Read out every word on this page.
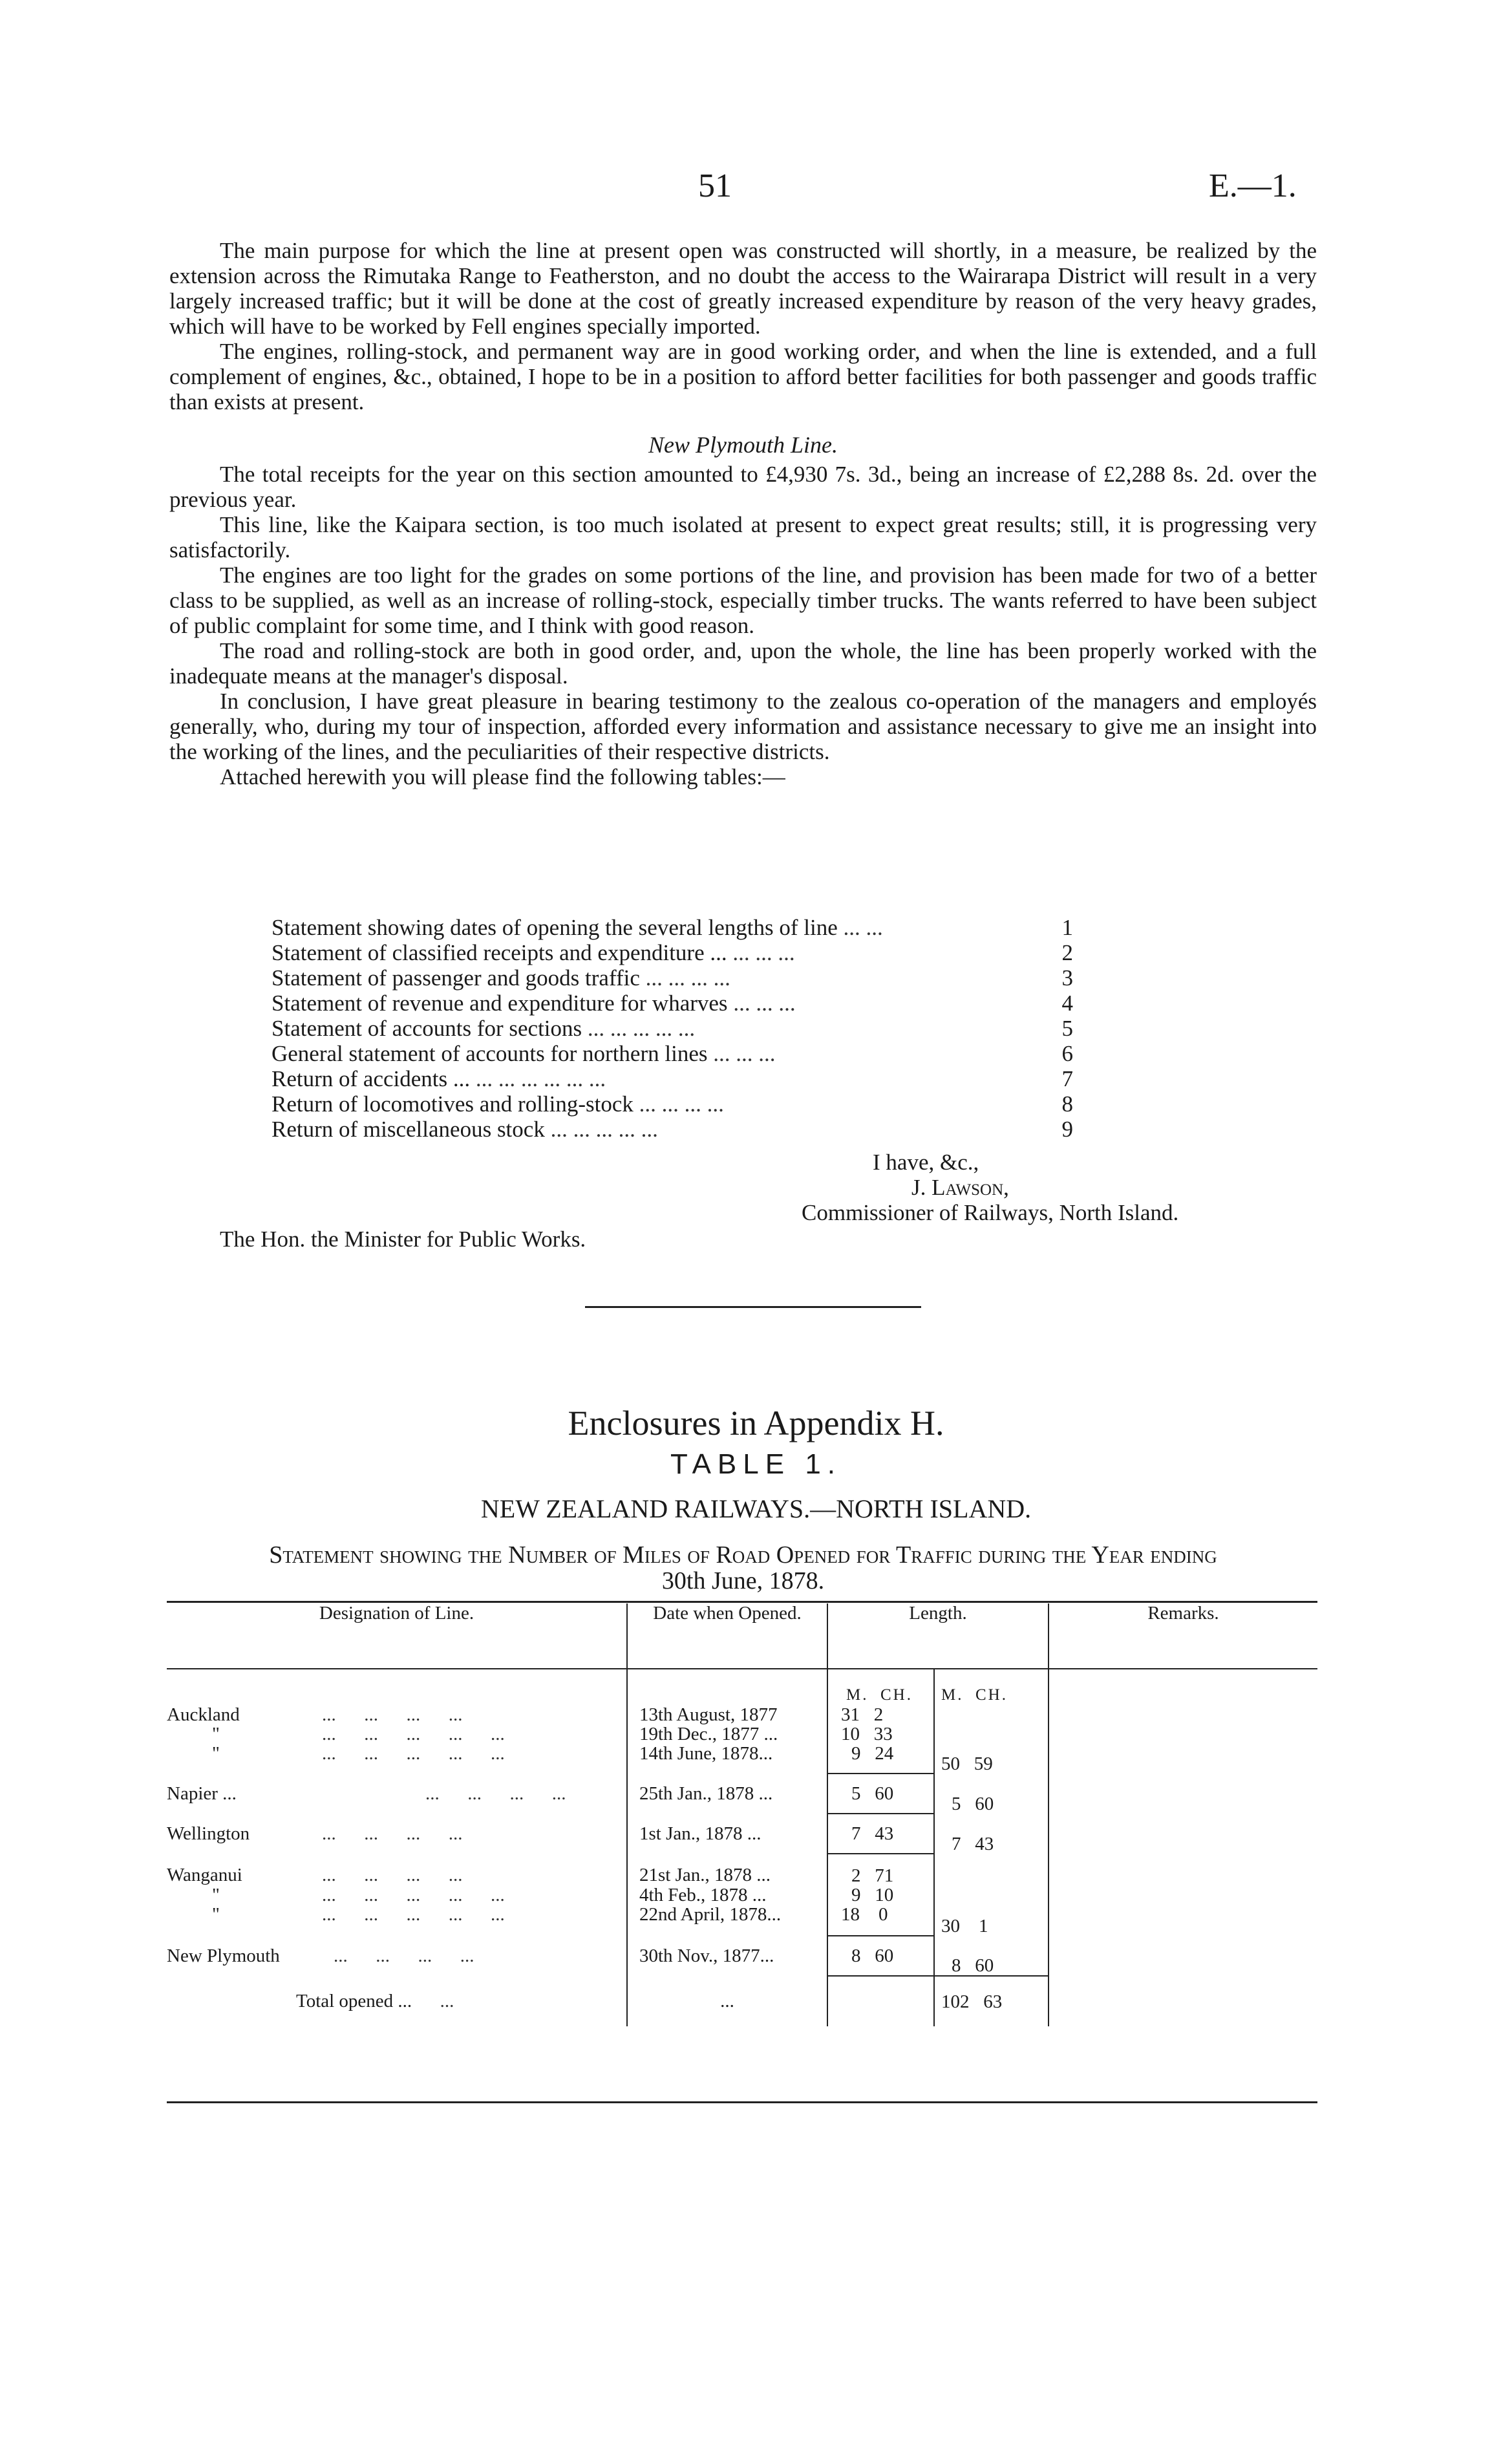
51	E.—1.

The main purpose for which the line at present open was constructed will shortly, in a measure, be realized by the extension across the Rimutaka Range to Featherston, and no doubt the access to the Wairarapa District will result in a very largely increased traffic; but it will be done at the cost of greatly increased expenditure by reason of the very heavy grades, which will have to be worked by Fell engines specially imported.

The engines, rolling-stock, and permanent way are in good working order, and when the line is extended, and a full complement of engines, &c., obtained, I hope to be in a position to afford better facilities for both passenger and goods traffic than exists at present.

New Plymouth Line.

The total receipts for the year on this section amounted to £4,930 7s. 3d., being an increase of £2,288 8s. 2d. over the previous year.

This line, like the Kaipara section, is too much isolated at present to expect great results; still, it is progressing very satisfactorily.

The engines are too light for the grades on some portions of the line, and provision has been made for two of a better class to be supplied, as well as an increase of rolling-stock, especially timber trucks. The wants referred to have been subject of public complaint for some time, and I think with good reason.

The road and rolling-stock are both in good order, and, upon the whole, the line has been properly worked with the inadequate means at the manager's disposal.

In conclusion, I have great pleasure in bearing testimony to the zealous co-operation of the managers and employés generally, who, during my tour of inspection, afforded every information and assistance necessary to give me an insight into the working of the lines, and the peculiarities of their respective districts.

Attached herewith you will please find the following tables:—

Statement showing dates of opening the several lengths of line ... ...	1
Statement of classified receipts and expenditure ... ... ... ...	2
Statement of passenger and goods traffic ... ... ... ...	3
Statement of revenue and expenditure for wharves ... ... ...	4
Statement of accounts for sections ... ... ... ... ...	5
General statement of accounts for northern lines ... ... ...	6
Return of accidents ... ... ... ... ... ... ...	7
Return of locomotives and rolling-stock ... ... ... ...	8
Return of miscellaneous stock ... ... ... ... ...	9
I have, &c.,
J. Lawson,
Commissioner of Railways, North Island.
The Hon. the Minister for Public Works.
Enclosures in Appendix H.
TABLE 1.
NEW ZEALAND RAILWAYS.—NORTH ISLAND.
Statement showing the Number of Miles of Road Opened for Traffic during the Year ending
30th June, 1878.
Designation of Line.	Date when Opened.	Length.		Remarks.
		M. CH.	M. CH.	
Auckland ...      ...      ...      ...	13th August, 1877	31 2		
" ...      ...      ...      ...      ...	19th Dec., 1877 ...	10 33		
" ...      ...      ...      ...      ...	14th June, 1878...	9 24	50 59	
Napier ... ...      ...      ...      ...	25th Jan., 1878 ...	5 60	5 60	
Wellington ...      ...      ...      ...	1st Jan., 1878 ...	7 43	7 43	
Wanganui ...      ...      ...      ...	21st Jan., 1878 ...	2 71		
" ...      ...      ...      ...      ...	4th Feb., 1878 ...	9 10		
" ...      ...      ...      ...      ...	22nd April, 1878...	18 0	30 1	
New Plymouth ...      ...      ...      ...	30th Nov., 1877...	8 60	8 60	
Total opened ... ...	...		102 63	
